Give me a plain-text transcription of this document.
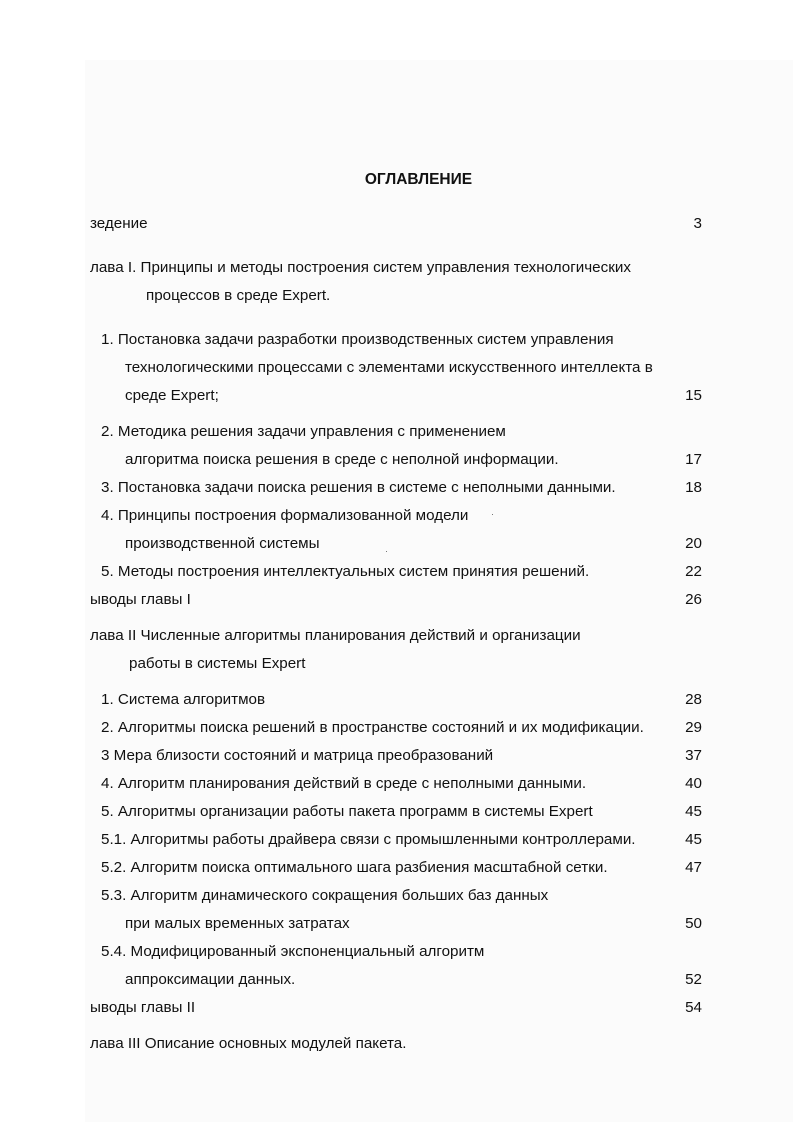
ОГЛАВЛЕНИЕ
зедение	3
лава I. Принципы и методы построения систем управления технологических
процессов в среде Expert.
1. Постановка задачи разработки производственных систем управления
технологическими процессами с элементами искусственного интеллекта в
среде Expert;	15
2. Методика решения задачи управления с применением
алгоритма поиска решения в среде с неполной информации.	17
3. Постановка задачи поиска решения в системе с неполными данными.	18
4. Принципы построения формализованной модели
производственной системы	20
5. Методы построения интеллектуальных систем принятия решений.	22
ыводы главы I	26
лава II Численные алгоритмы планирования действий и организации
работы в системы Expert
1. Система алгоритмов	28
2. Алгоритмы поиска решений в пространстве состояний и их модификации.	29
3 Мера близости состояний и матрица преобразований	37
4. Алгоритм планирования действий в среде с неполными данными.	40
5. Алгоритмы организации работы пакета программ в системы Expert	45
5.1. Алгоритмы работы драйвера связи с промышленными контроллерами.	45
5.2. Алгоритм поиска оптимального шага разбиения масштабной сетки.	47
5.3. Алгоритм динамического сокращения больших баз данных
при малых временных затратах	50
5.4. Модифицированный экспоненциальный алгоритм
аппроксимации данных.	52
ыводы главы II	54
лава III Описание основных модулей пакета.
